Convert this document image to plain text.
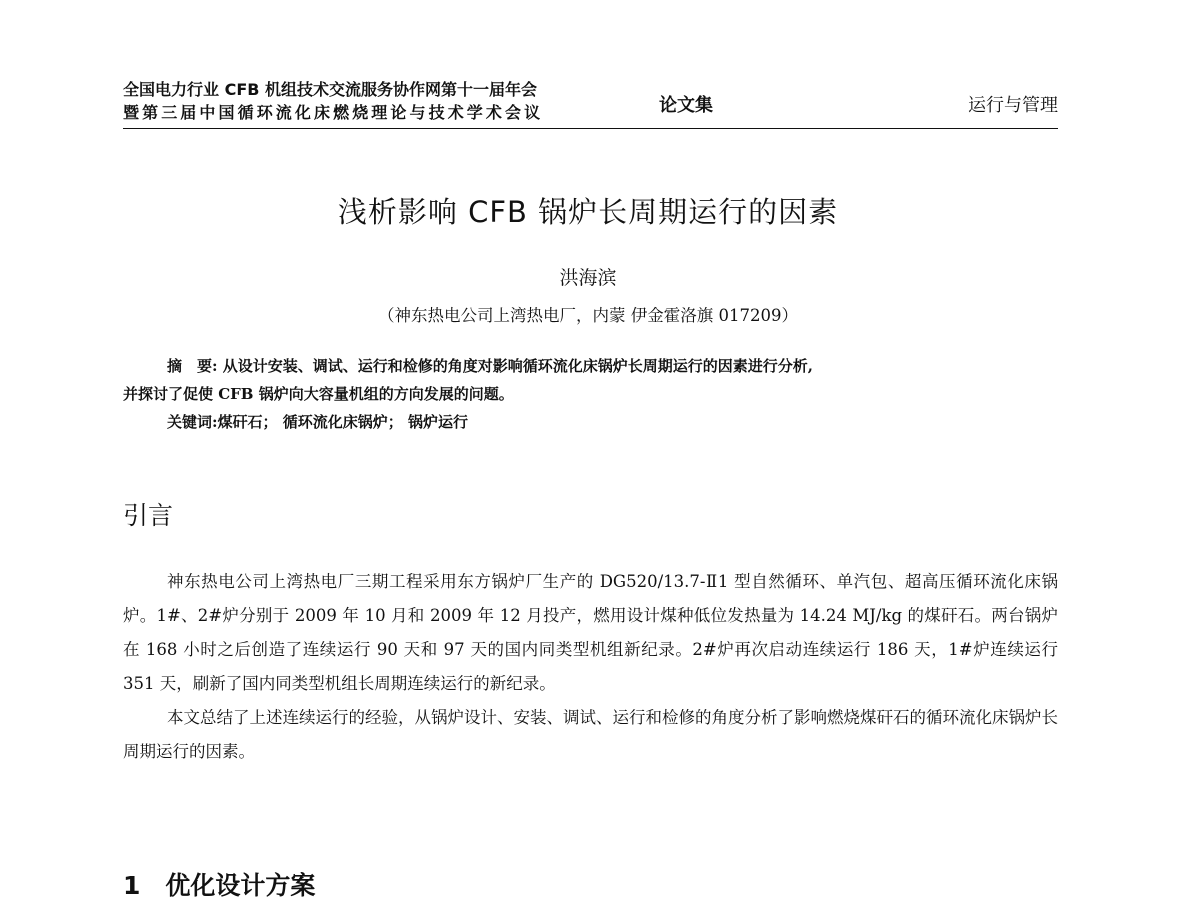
全国电力行业 CFB 机组技术交流服务协作网第十一届年会
暨第三届中国循环流化床燃烧理论与技术学术会议	论文集	运行与管理
浅析影响 CFB 锅炉长周期运行的因素
洪海滨
（神东热电公司上湾热电厂，内蒙 伊金霍洛旗 017209）
摘　要: 从设计安装、调试、运行和检修的角度对影响循环流化床锅炉长周期运行的因素进行分析,
并探讨了促使 CFB 锅炉向大容量机组的方向发展的问题。
关键词:煤矸石； 循环流化床锅炉； 锅炉运行
引言

神东热电公司上湾热电厂三期工程采用东方锅炉厂生产的 DG520/13.7-Ⅱ1 型自然循环、单汽包、超高压循环流化床锅炉。1#、2#炉分别于 2009 年 10 月和 2009 年 12 月投产，燃用设计煤种低位发热量为 14.24 MJ/kg 的煤矸石。两台锅炉在 168 小时之后创造了连续运行 90 天和 97 天的国内同类型机组新纪录。2#炉再次启动连续运行 186 天，1#炉连续运行 351 天，刷新了国内同类型机组长周期连续运行的新纪录。

本文总结了上述连续运行的经验，从锅炉设计、安装、调试、运行和检修的角度分析了影响燃烧煤矸石的循环流化床锅炉长周期运行的因素。

1　优化设计方案
